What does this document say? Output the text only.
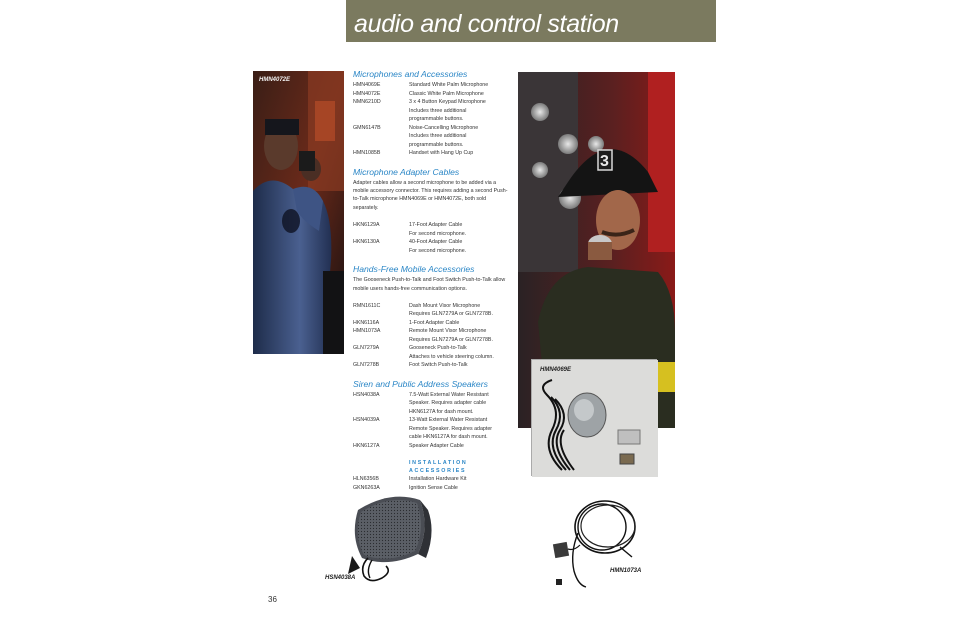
audio and control station
HMN4072E
Microphones and Accessories
HMN4069E	Standard White Palm Microphone
HMN4072E	Classic White Palm Microphone
NMN6210D	3 x 4 Button Keypad Microphone
Includes three additional
programmable buttons.
GMN6147B	Noise-Cancelling Microphone
Includes three additional
programmable buttons.
HMN1085B	Handset with Hang Up Cup
Microphone Adapter Cables

Adapter cables allow a second microphone to be added via a mobile accessory connector. This requires adding a second Push-to-Talk microphone HMN4069E or HMN4072E, both sold separately.

HKN6129A	17-Foot Adapter Cable
For second microphone.
HKN6130A	40-Foot Adapter Cable
For second microphone.
Hands-Free Mobile Accessories

The Gooseneck Push-to-Talk and Foot Switch Push-to-Talk allow mobile users hands-free communication options.

RMN1611C	Dash Mount Visor Microphone
Requires GLN7279A or GLN7278B.
HKN6116A	1-Foot Adapter Cable
HMN1073A	Remote Mount Visor Microphone
Requires GLN7279A or GLN7278B.
GLN7279A	Gooseneck Push-to-Talk
Attaches to vehicle steering column.
GLN7278B	Foot Switch Push-to-Talk
Siren and Public Address Speakers
HSN4038A	7.5-Watt External Water Resistant
Speaker. Requires adapter cable
HKN6127A for dash mount.
HSN4039A	13-Watt External Water Resistant
Remote Speaker. Requires adapter
cable HKN6127A for dash mount.
HKN6127A	Speaker Adapter Cable
INSTALLATION ACCESSORIES
HLN6356B	Installation Hardware Kit
GKN6263A	Ignition Sense Cable
3
HMN4069E
HSN4038A
HMN1073A
36
